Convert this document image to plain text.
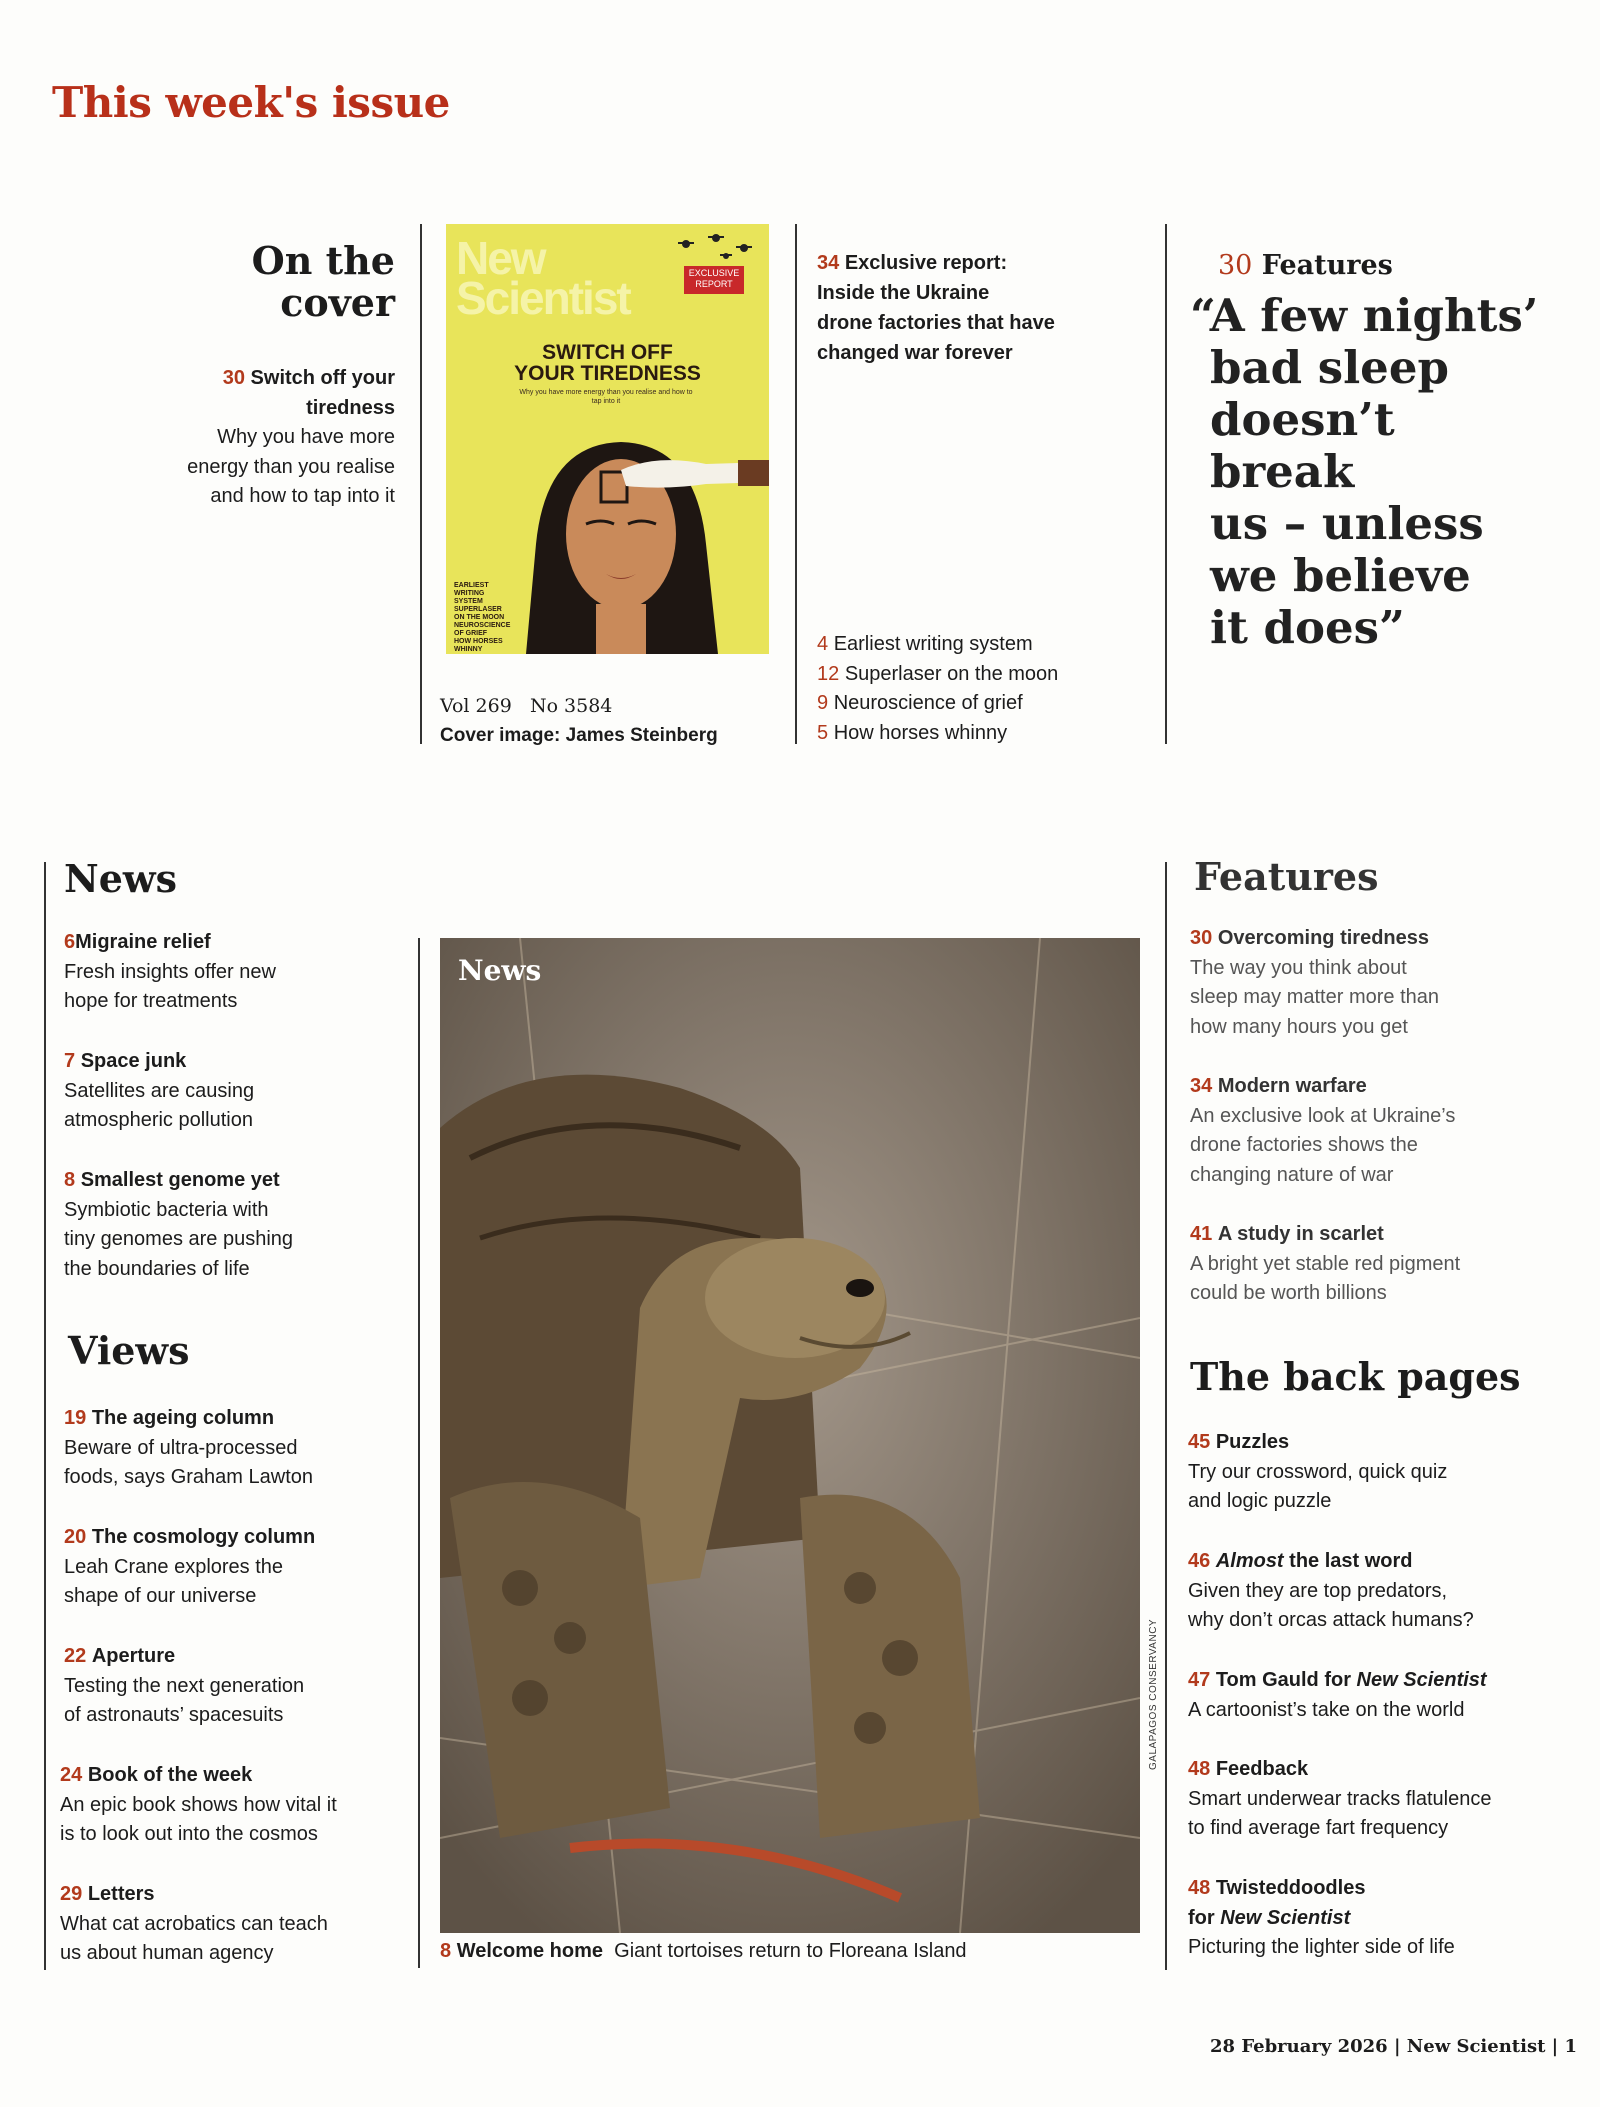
This week's issue
On the
cover
30 Switch off your
tiredness
Why you have more
energy than you realise
and how to tap into it
New
Scientist	EXCLUSIVE
REPORT
SWITCH OFF
YOUR TIREDNESS
Why you have more energy than you realise and how to tap into it
EARLIEST WRITING SYSTEM
SUPERLASER ON THE MOON
NEUROSCIENCE OF GRIEF
HOW HORSES WHINNY
Vol 269 No 3584
Cover image: James Steinberg
34 Exclusive report:
Inside the Ukraine
drone factories that have
changed war forever
4 Earliest writing system
12 Superlaser on the moon
9 Neuroscience of grief
5 How horses whinny
30 Features
“A few nights’
bad sleep
doesn’t break
us – unless
we believe
it does”
News
6Migraine relief
Fresh insights offer new
hope for treatments
7 Space junk
Satellites are causing
atmospheric pollution
8 Smallest genome yet
Symbiotic bacteria with
tiny genomes are pushing
the boundaries of life
Views
19 The ageing column
Beware of ultra-processed
foods, says Graham Lawton
20 The cosmology column
Leah Crane explores the
shape of our universe
22 Aperture
Testing the next generation
of astronauts’ spacesuits
24 Book of the week
An epic book shows how vital it
is to look out into the cosmos
29 Letters
What cat acrobatics can teach
us about human agency
News
GALAPAGOS CONSERVANCY
8 Welcome home Giant tortoises return to Floreana Island
Features
30 Overcoming tiredness
The way you think about
sleep may matter more than
how many hours you get
34 Modern warfare
An exclusive look at Ukraine’s
drone factories shows the
changing nature of war
41 A study in scarlet
A bright yet stable red pigment
could be worth billions
The back pages
45 Puzzles
Try our crossword, quick quiz
and logic puzzle
46 Almost the last word
Given they are top predators,
why don’t orcas attack humans?
47 Tom Gauld for New Scientist
A cartoonist’s take on the world
48 Feedback
Smart underwear tracks flatulence
to find average fart frequency
48 Twisteddoodles
for New Scientist
Picturing the lighter side of life
28 February 2026 | New Scientist | 1
